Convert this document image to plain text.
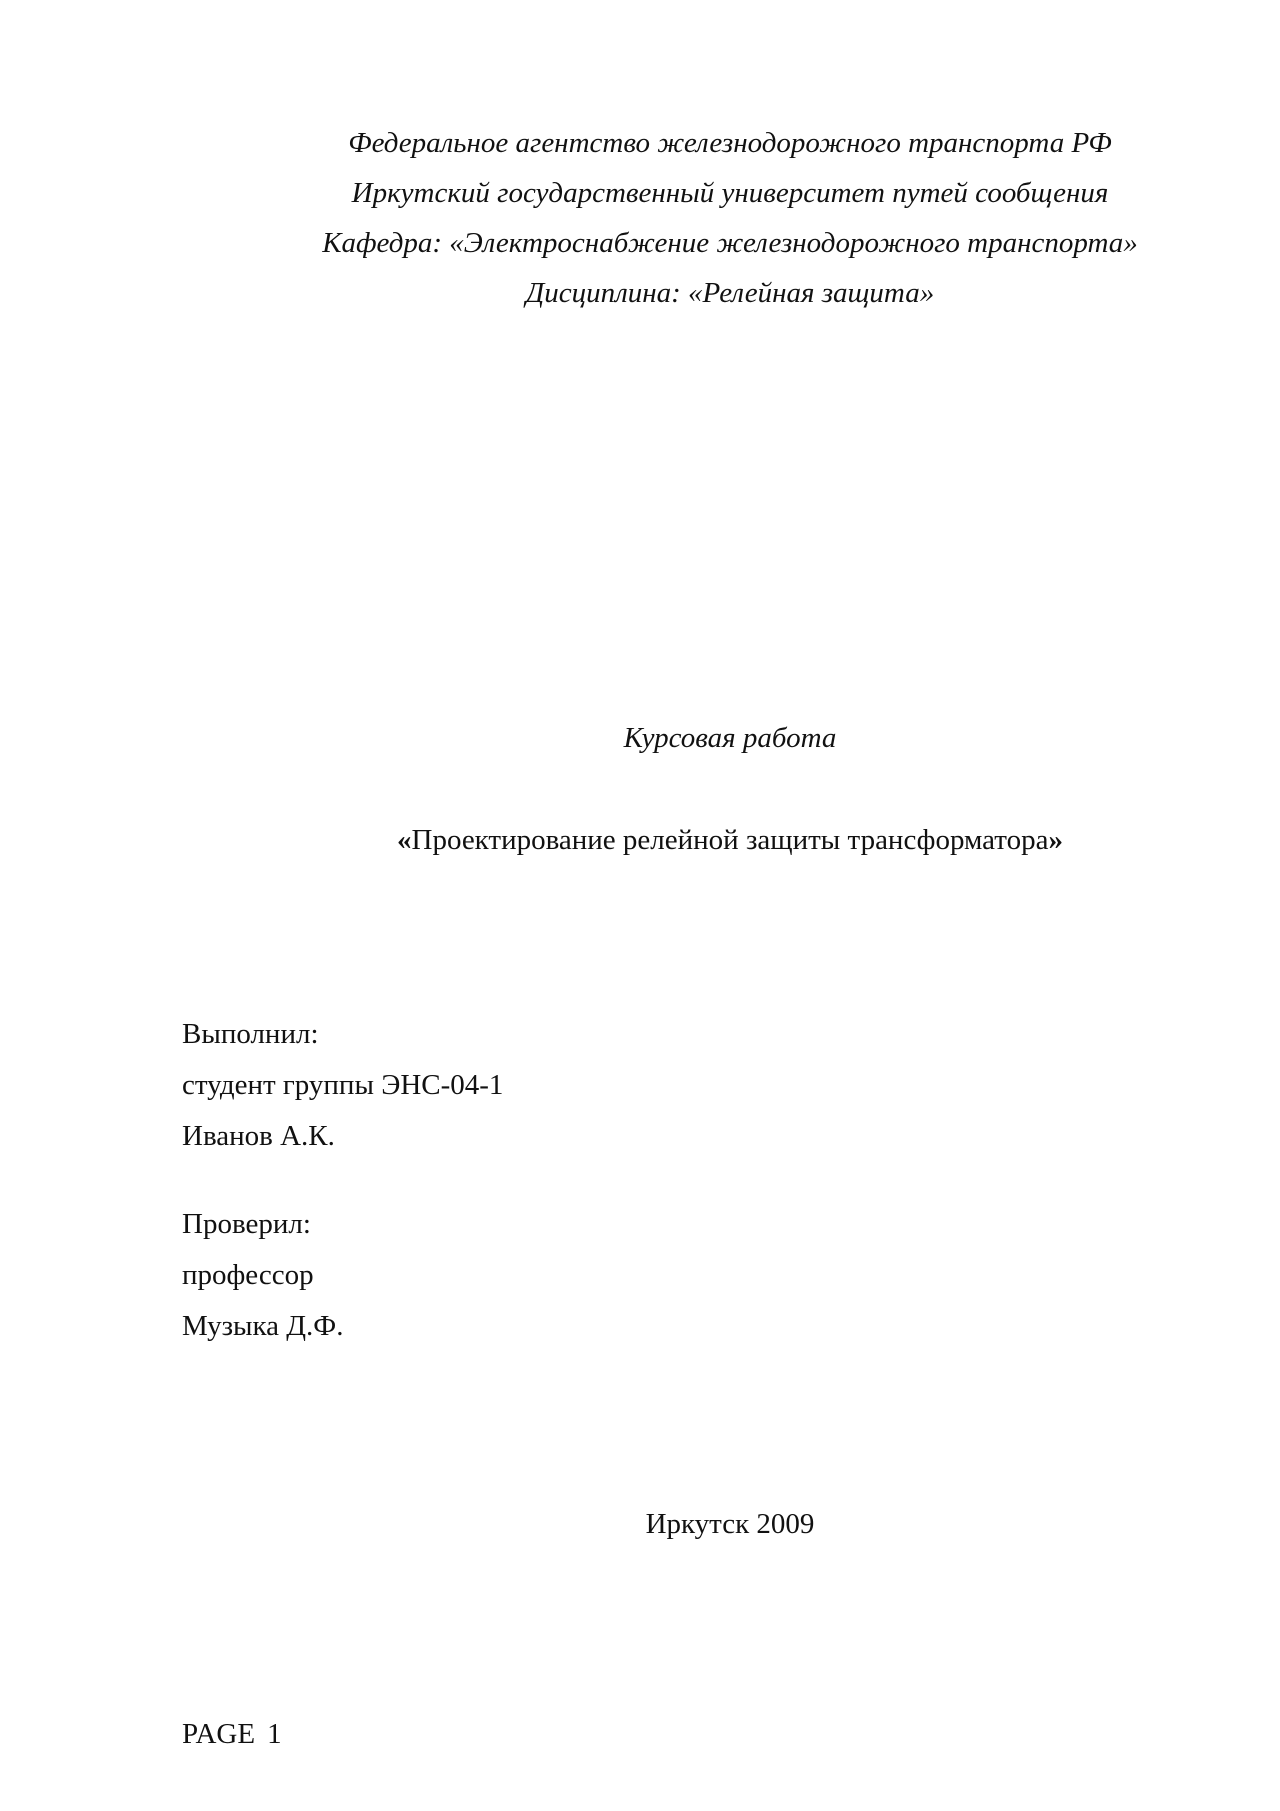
Федеральное агентство железнодорожного транспорта РФ
Иркутский государственный университет путей сообщения
Кафедра: «Электроснабжение железнодорожного транспорта»
Дисциплина: «Релейная защита»
Курсовая работа
«Проектирование релейной защиты трансформатора»
Выполнил:
студент группы ЭНС-04-1
Иванов А.К.
Проверил:
профессор
Музыка Д.Ф.
Иркутск 2009
PAGE 1
